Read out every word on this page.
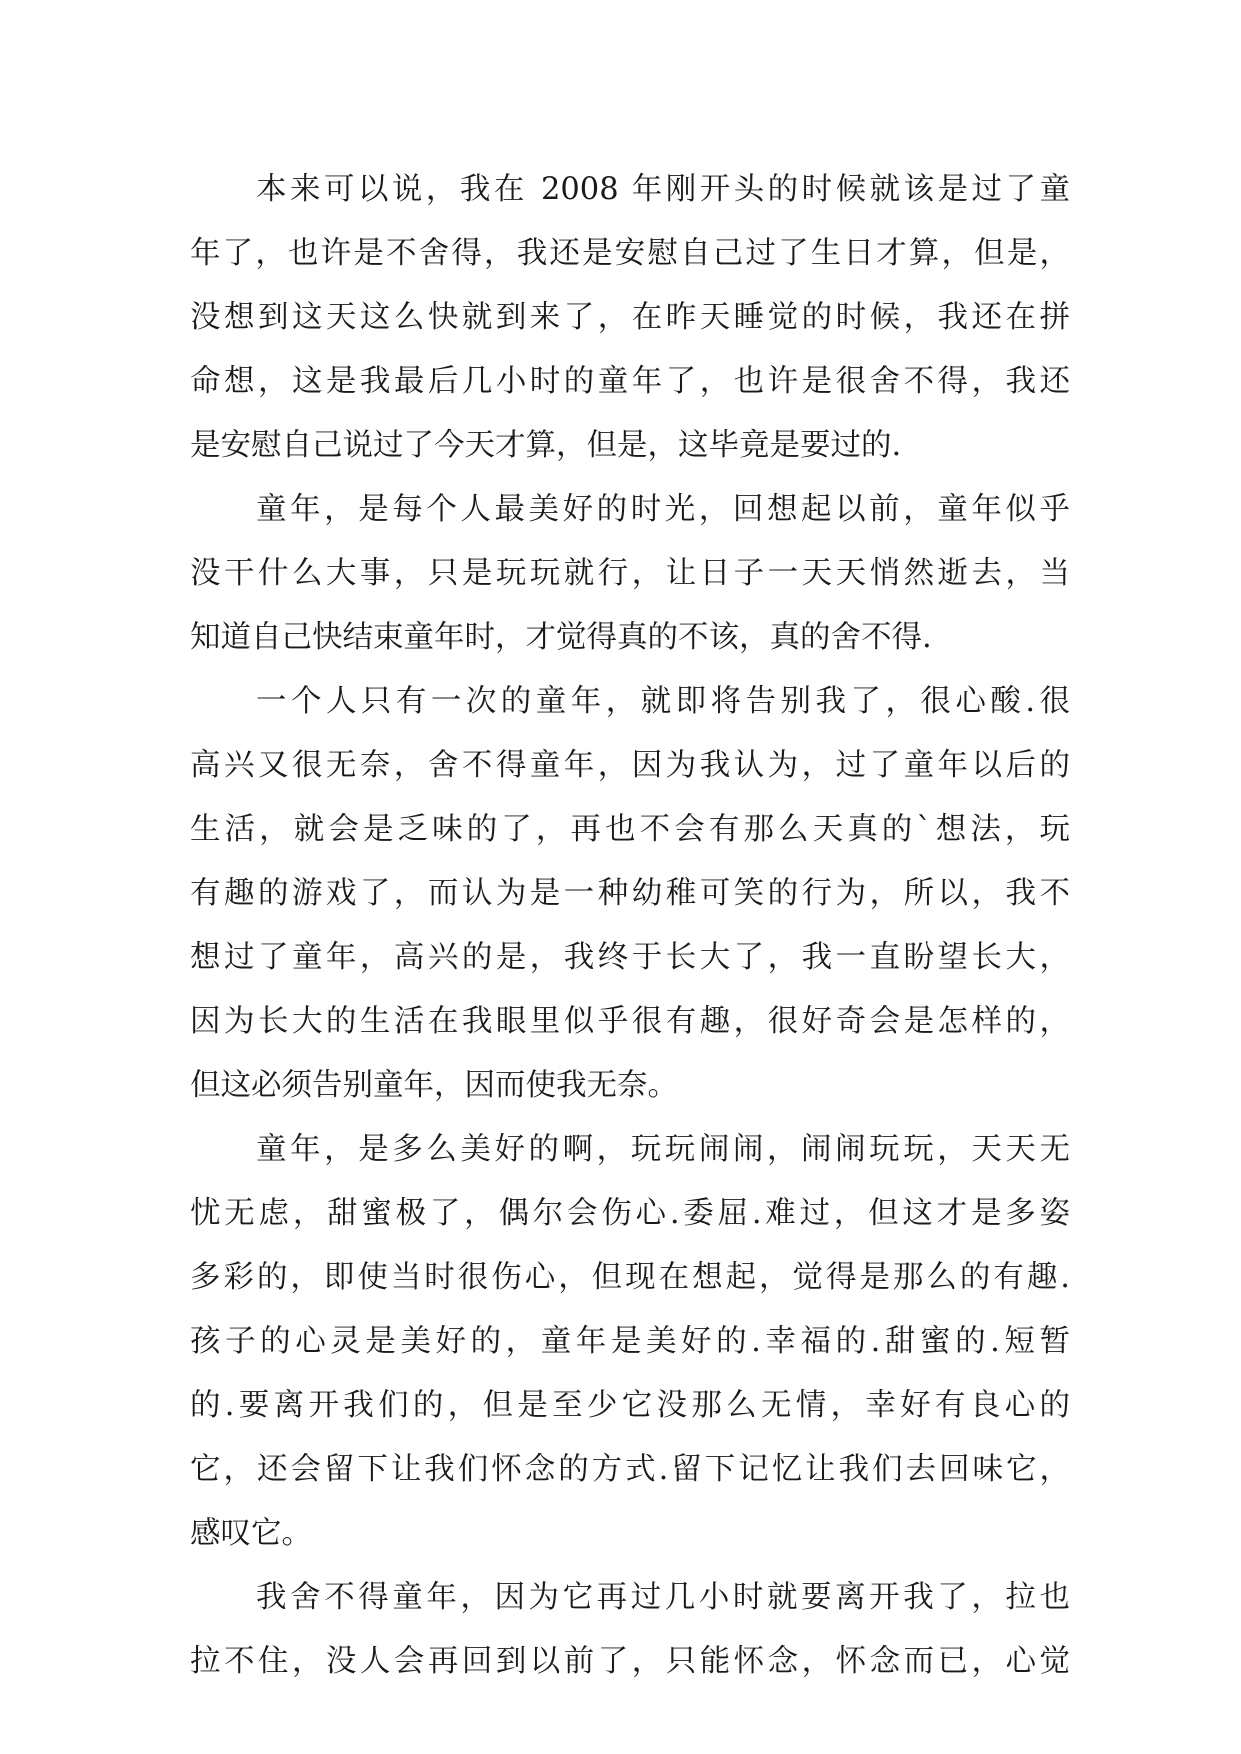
本来可以说，我在 2008 年刚开头的时候就该是过了童
年了，也许是不舍得，我还是安慰自己过了生日才算，但是，
没想到这天这么快就到来了，在昨天睡觉的时候，我还在拼
命想，这是我最后几小时的童年了，也许是很舍不得，我还
是安慰自己说过了今天才算，但是，这毕竟是要过的.
童年，是每个人最美好的时光，回想起以前，童年似乎
没干什么大事，只是玩玩就行，让日子一天天悄然逝去，当
知道自己快结束童年时，才觉得真的不该，真的舍不得.
一个人只有一次的童年，就即将告别我了，很心酸.很
高兴又很无奈，舍不得童年，因为我认为，过了童年以后的
生活，就会是乏味的了，再也不会有那么天真的`想法，玩
有趣的游戏了，而认为是一种幼稚可笑的行为，所以，我不
想过了童年，高兴的是，我终于长大了，我一直盼望长大，
因为长大的生活在我眼里似乎很有趣，很好奇会是怎样的，
但这必须告别童年，因而使我无奈。
童年，是多么美好的啊，玩玩闹闹，闹闹玩玩，天天无
忧无虑，甜蜜极了，偶尔会伤心.委屈.难过，但这才是多姿
多彩的，即使当时很伤心，但现在想起，觉得是那么的有趣.
孩子的心灵是美好的，童年是美好的.幸福的.甜蜜的.短暂
的.要离开我们的，但是至少它没那么无情，幸好有良心的
它，还会留下让我们怀念的方式.留下记忆让我们去回味它，
感叹它。
我舍不得童年，因为它再过几小时就要离开我了，拉也
拉不住，没人会再回到以前了，只能怀念，怀念而已，心觉
